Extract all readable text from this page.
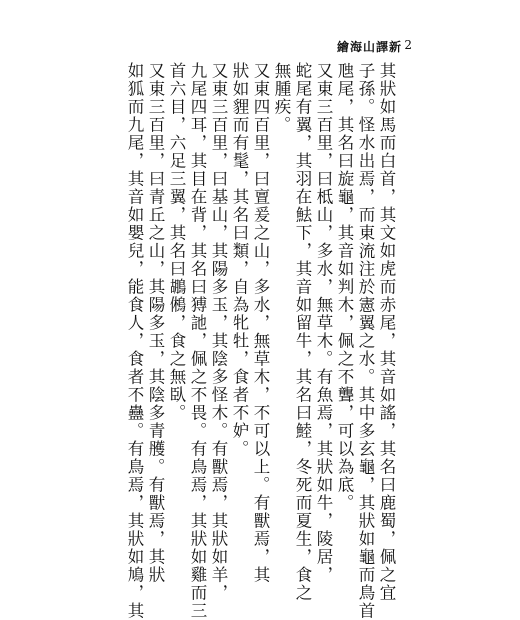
繪海山譯新 2
其狀如馬而白首，其文如虎而赤尾，其音如謠，其名曰鹿蜀，佩之宜
子孫。怪水出焉，而東流注於憲翼之水。其中多玄龜，其狀如龜而鳥首
虺尾，其名曰旋龜，其音如判木，佩之不聾，可以為底。
又東三百里，曰柢山，多水，無草木。有魚焉，其狀如牛，陵居，
蛇尾有翼，其羽在魼下，其音如留牛，其名曰鯥，冬死而夏生，食之
無腫疾。
又東四百里，曰亶爰之山，多水，無草木，不可以上。有獸焉，其
狀如貍而有髦，其名曰類，自為牝牡，食者不妒。
又東三百里，曰基山，其陽多玉，其陰多怪木。有獸焉，其狀如羊，
九尾四耳，其目在背，其名曰猼訑，佩之不畏。有鳥焉，其狀如雞而三
首六目，六足三翼，其名曰鶘鵂，食之無臥。
又東三百里，曰青丘之山，其陽多玉，其陰多青雘。有獸焉，其狀
如狐而九尾，其音如嬰兒，能食人，食者不蠱。有鳥焉，其狀如鳩，其
